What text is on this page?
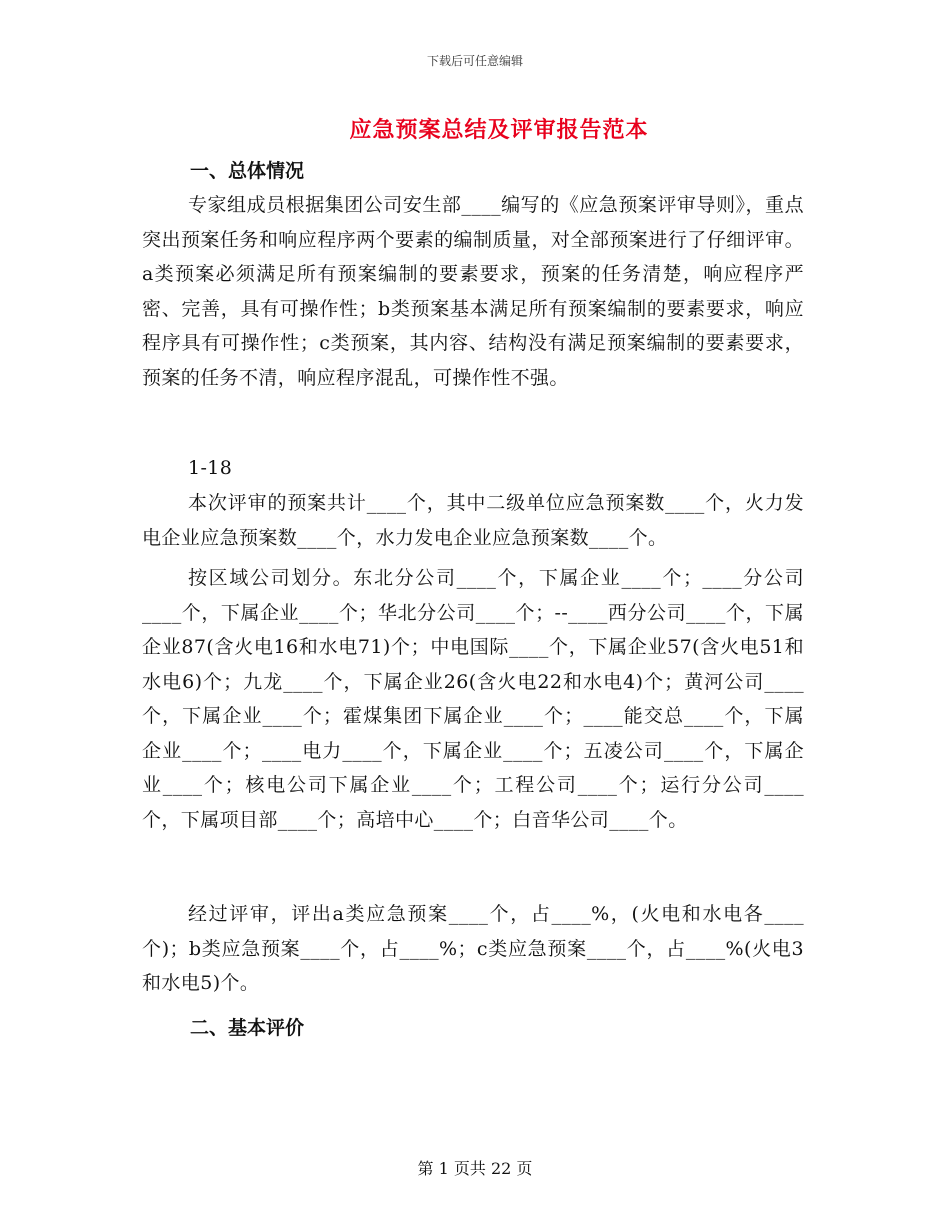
下载后可任意编辑
应急预案总结及评审报告范本
一、总体情况

专家组成员根据集团公司安生部____编写的《应急预案评审导则》，重点突出预案任务和响应程序两个要素的编制质量，对全部预案进行了仔细评审。a类预案必须满足所有预案编制的要素要求，预案的任务清楚，响应程序严密、完善，具有可操作性；b类预案基本满足所有预案编制的要素要求，响应程序具有可操作性；c类预案，其内容、结构没有满足预案编制的要素要求，预案的任务不清，响应程序混乱，可操作性不强。

1-18

本次评审的预案共计____个，其中二级单位应急预案数____个，火力发电企业应急预案数____个，水力发电企业应急预案数____个。

按区域公司划分。东北分公司____个，下属企业____个；____分公司____个，下属企业____个；华北分公司____个；--____西分公司____个，下属企业87(含火电16和水电71)个；中电国际____个，下属企业57(含火电51和水电6)个；九龙____个，下属企业26(含火电22和水电4)个；黄河公司____个，下属企业____个；霍煤集团下属企业____个；____能交总____个，下属企业____个；____电力____个，下属企业____个；五凌公司____个，下属企业____个；核电公司下属企业____个；工程公司____个；运行分公司____个，下属项目部____个；高培中心____个；白音华公司____个。

经过评审，评出a类应急预案____个，占____%，(火电和水电各____个)；b类应急预案____个，占____%；c类应急预案____个，占____%(火电3和水电5)个。

二、基本评价
第 1 页共 22 页
